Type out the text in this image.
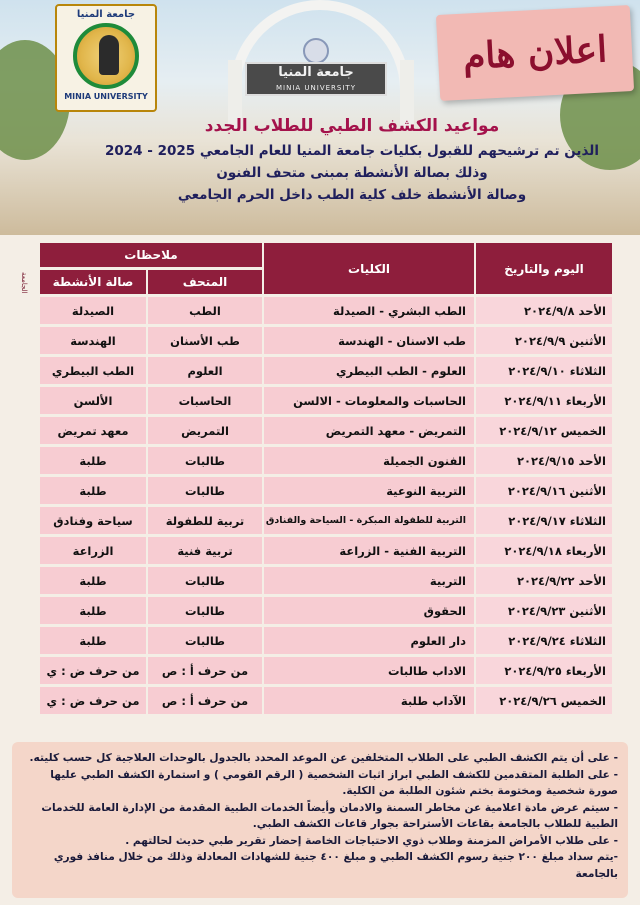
جامعة المنيا
MINIA UNIVERSITY
جامعة المنيا
MINIA UNIVERSITY
اعلان هام
مواعيد الكشف الطبي للطلاب الجدد
الذين تم ترشيحهم للقبول بكليات جامعة المنيا للعام الجامعي 2025 - 2024
وذلك بصالة الأنشطة بمبنى متحف الفنون
وصالة الأنشطة خلف كلية الطب داخل الحرم الجامعي
الجامعة
اليوم والتاريخ	الكليات	ملاحظات	
		المتحف	صالة الأنشطة
الأحد ٢٠٢٤/٩/٨	الطب البشري - الصيدلة	الطب	الصيدلة
الأثنين ٢٠٢٤/٩/٩	طب الاسنان - الهندسة	طب الأسنان	الهندسة
الثلاثاء ٢٠٢٤/٩/١٠	العلوم - الطب البيطري	العلوم	الطب البيطري
الأربعاء ٢٠٢٤/٩/١١	الحاسبات والمعلومات - الالسن	الحاسبات	الألسن
الخميس ٢٠٢٤/٩/١٢	التمريض - معهد التمريض	التمريض	معهد تمريض
الأحد ٢٠٢٤/٩/١٥	الفنون الجميلة	طالبات	طلبة
الأثنين ٢٠٢٤/٩/١٦	التربية النوعية	طالبات	طلبة
الثلاثاء ٢٠٢٤/٩/١٧	التربية للطفولة المبكرة - السياحة والفنادق	تربية للطفولة	سياحة وفنادق
الأربعاء ٢٠٢٤/٩/١٨	التربية الفنية - الزراعة	تربية فنية	الزراعة
الأحد ٢٠٢٤/٩/٢٢	التربية	طالبات	طلبة
الأثنين ٢٠٢٤/٩/٢٣	الحقوق	طالبات	طلبة
الثلاثاء ٢٠٢٤/٩/٢٤	دار العلوم	طالبات	طلبة
الأربعاء ٢٠٢٤/٩/٢٥	الاداب طالبات	من حرف أ : ص	من حرف ض : ي
الخميس ٢٠٢٤/٩/٢٦	الآداب طلبة	من حرف أ : ص	من حرف ض : ي

- على أن يتم الكشف الطبي على الطلاب المتخلفين عن الموعد المحدد بالجدول بالوحدات العلاجية كل حسب كليته.

- على الطلبة المتقدمين للكشف الطبي ابراز اثبات الشخصية ( الرقم القومي ) و استمارة الكشف الطبي عليها صورة شخصية ومختومة بختم شئون الطلبة من الكلية.

- سيتم عرض مادة اعلامية عن مخاطر السمنة والادمان وأيضاً الخدمات الطبية المقدمة من الإدارة العامة للخدمات الطبية للطلاب بالجامعة بقاعات الأستراحة بجوار قاعات الكشف الطبي.

- على طلاب الأمراض المزمنة وطلاب ذوي الاحتياجات الخاصة إحضار تقرير طبي حديث لحالتهم .

-يتم سداد مبلغ ٢٠٠ جنية رسوم الكشف الطبي و مبلغ ٤٠٠ جنية للشهادات المعادلة وذلك من خلال منافذ فوري بالجامعة
